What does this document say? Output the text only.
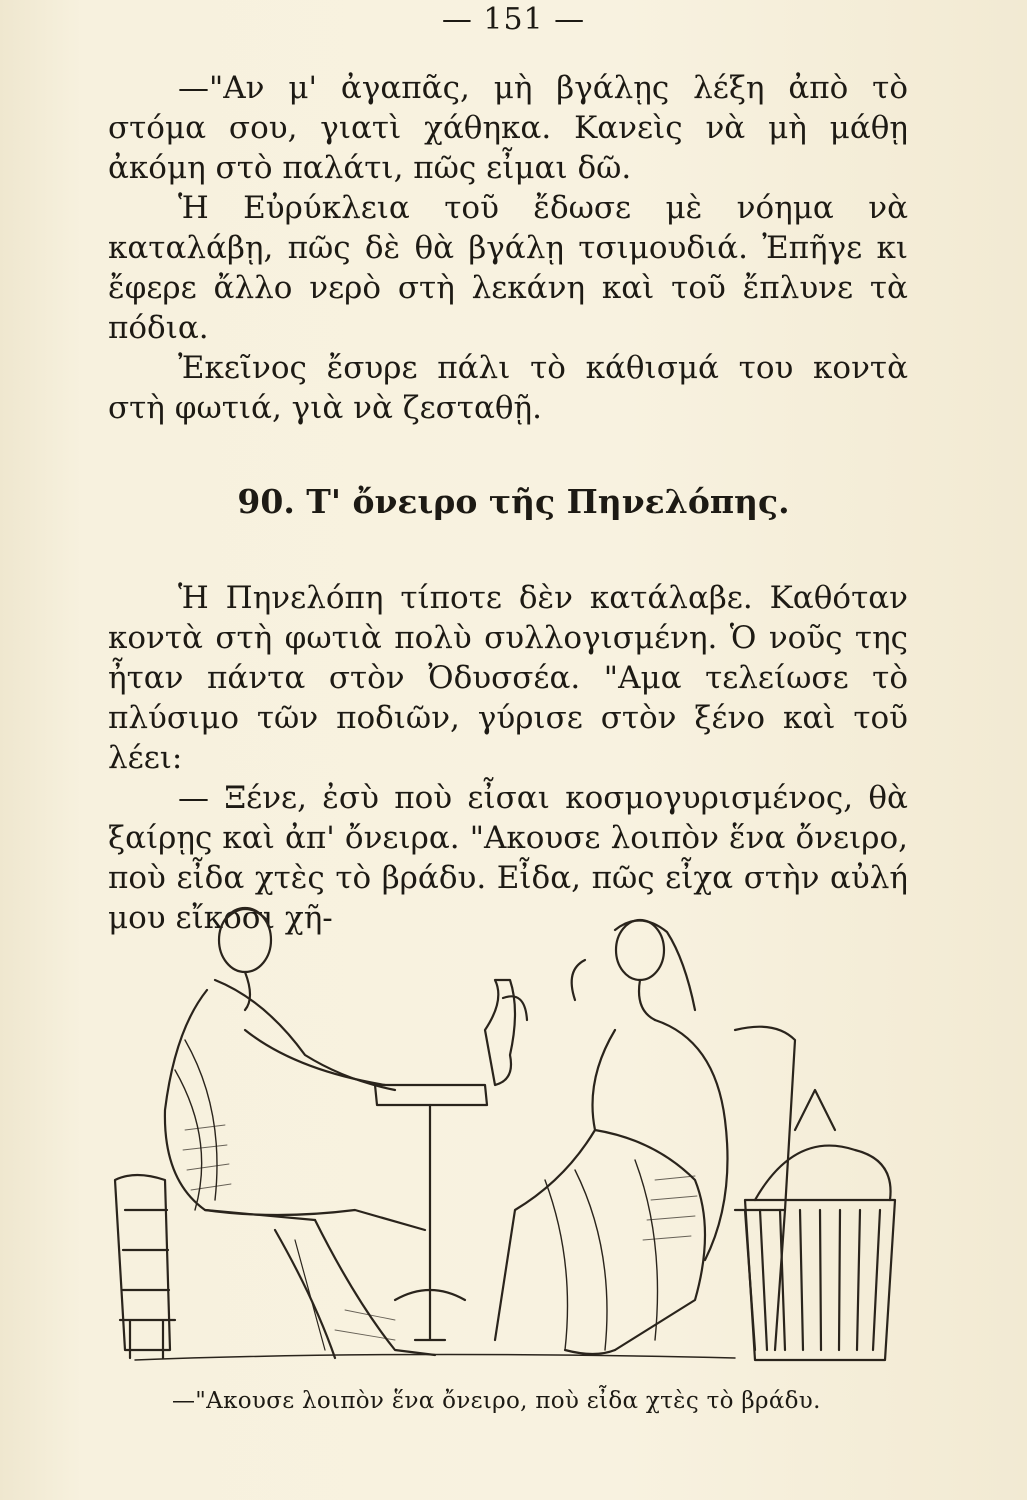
— 151 —

—"Αν μ' ἀγαπᾶς, μὴ βγάλῃς λέξη ἀπὸ τὸ στόμα σου, γιατὶ χάθηκα. Κανεὶς νὰ μὴ μάθῃ ἀκόμη στὸ παλάτι, πῶς εἶμαι δῶ.

Ἡ Εὐρύκλεια τοῦ ἔδωσε μὲ νόημα νὰ καταλάβῃ, πῶς δὲ θὰ βγάλῃ τσιμουδιά. Ἐπῆγε κι ἔφερε ἄλλο νερὸ στὴ λεκάνη καὶ τοῦ ἔπλυνε τὰ πόδια.

Ἐκεῖνος ἔσυρε πάλι τὸ κάθισμά του κοντὰ στὴ φωτιά, γιὰ νὰ ζεσταθῇ.

90. Τ' ὄνειρο τῆς Πηνελόπης.

Ἡ Πηνελόπη τίποτε δὲν κατάλαβε. Καθόταν κοντὰ στὴ φωτιὰ πολὺ συλλογισμένη. Ὁ νοῦς της ἦταν πάντα στὸν Ὀδυσσέα. "Αμα τελείωσε τὸ πλύσιμο τῶν ποδιῶν, γύρισε στὸν ξένο καὶ τοῦ λέει:

— Ξένε, ἐσὺ ποὺ εἶσαι κοσμογυρισμένος, θὰ ξαίρῃς καὶ ἀπ' ὄνειρα. "Ακουσε λοιπὸν ἕνα ὄνειρο, ποὺ εἶδα χτὲς τὸ βράδυ. Εἶδα, πῶς εἶχα στὴν αὐλή μου εἴκοσι χῆ-

—"Ακουσε λοιπὸν ἕνα ὄνειρο, ποὺ εἶδα χτὲς τὸ βράδυ.
